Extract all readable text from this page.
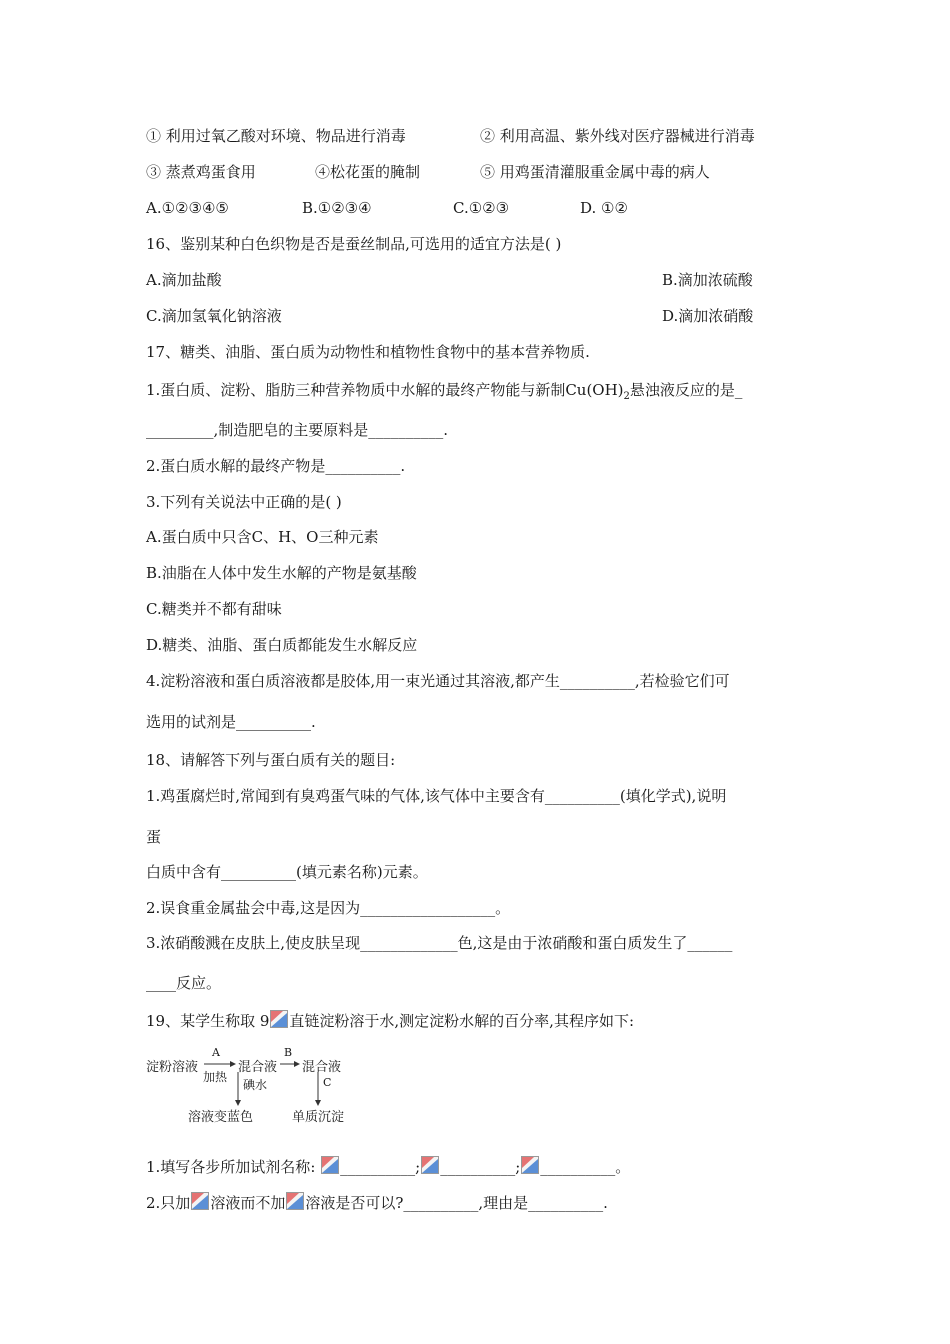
① 利用过氧乙酸对环境、物品进行消毒	② 利用高温、紫外线对医疗器械进行消毒
③ 蒸煮鸡蛋食用	④松花蛋的腌制	⑤ 用鸡蛋清灌服重金属中毒的病人
A.①②③④⑤	B.①②③④	C.①②③	D. ①②
16、鉴别某种白色织物是否是蚕丝制品,可选用的适宜方法是( )
A.滴加盐酸	B.滴加浓硫酸
C.滴加氢氧化钠溶液	D.滴加浓硝酸
17、糖类、油脂、蛋白质为动物性和植物性食物中的基本营养物质.
1.蛋白质、淀粉、脂肪三种营养物质中水解的最终产物能与新制$Cu(OH)_2$悬浊液反应的是_
_________,制造肥皂的主要原料是__________.
2.蛋白质水解的最终产物是__________.
3.下列有关说法中正确的是( )
A.蛋白质中只含C、H、O三种元素
B.油脂在人体中发生水解的产物是氨基酸
C.糖类并不都有甜味
D.糖类、油脂、蛋白质都能发生水解反应
4.淀粉溶液和蛋白质溶液都是胶体,用一束光通过其溶液,都产生__________,若检验它们可
选用的试剂是__________.
18、请解答下列与蛋白质有关的题目:
1.鸡蛋腐烂时,常闻到有臭鸡蛋气味的气体,该气体中主要含有__________(填化学式),说明
蛋
白质中含有__________(填元素名称)元素。
2.误食重金属盐会中毒,这是因为__________________。
3.浓硝酸溅在皮肤上,使皮肤呈现_____________色,这是由于浓硝酸和蛋白质发生了______
____反应。
19、某学生称取 9 直链淀粉溶于水,测定淀粉水解的百分率,其程序如下:
淀粉溶液
A
加热
混合液
B
混合液
碘水	C
溶液变蓝色	单质沉淀
1.填写各步所加试剂名称:
__________; __________; __________。
2.只加 溶液而不加 溶液是否可以?__________,理由是__________.
